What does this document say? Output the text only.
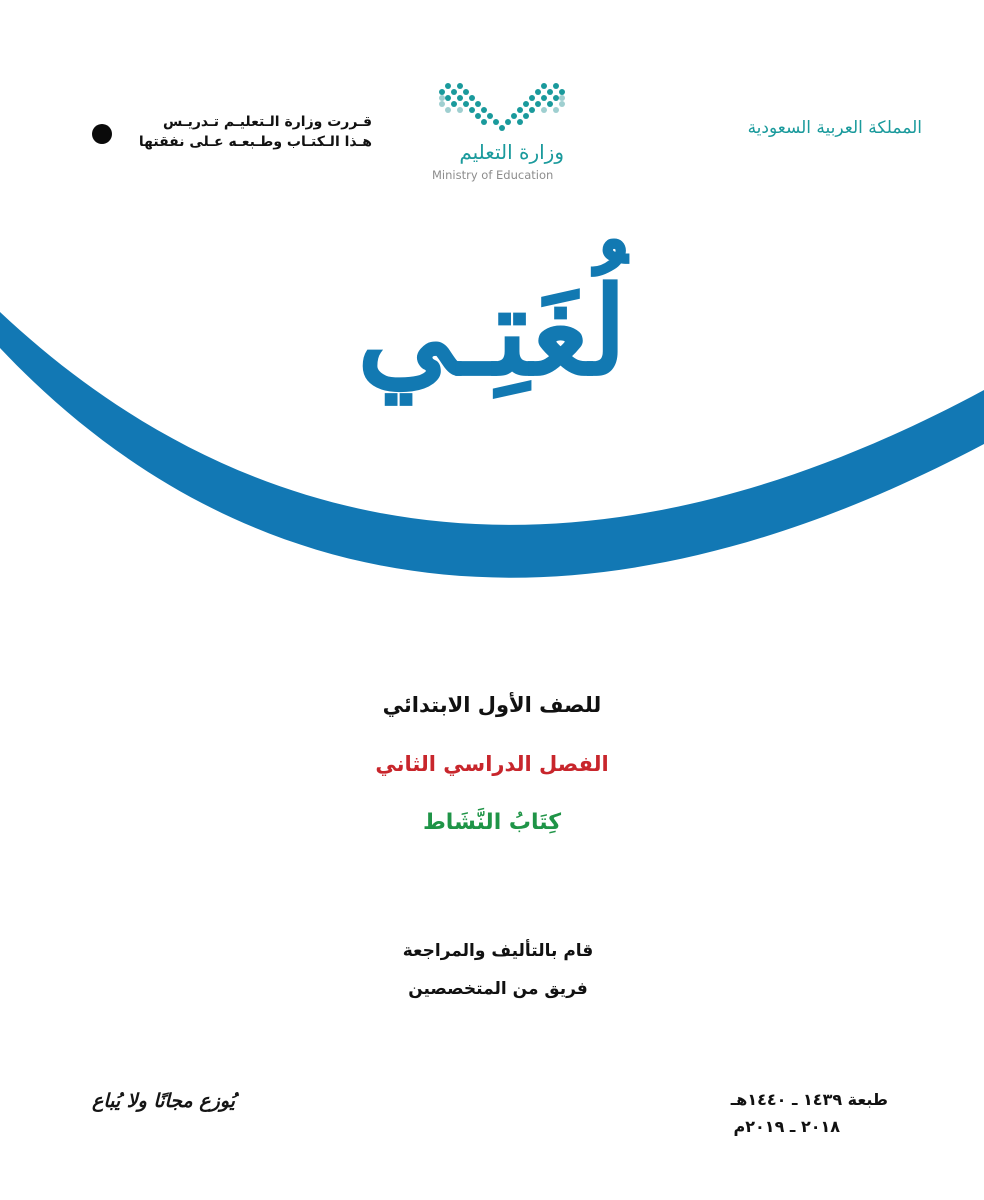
المملكة العربية السعودية
وزارة التعليم
Ministry of Education
قـررت وزارة الـتعليـم تـدريـس
هـذا الـكتـاب وطـبعـه عـلى نفقتها
لُغَتِـي
للصف الأول الابتدائي
الفصل الدراسي الثاني
كِتَابُ النَّشَاط
قام بالتأليف والمراجعة
فريق من المتخصصين
طبعة ١٤٣٩ ـ ١٤٤٠هـ
٢٠١٨ ـ ٢٠١٩م
يُوزع مجانًا ولا يُباع
